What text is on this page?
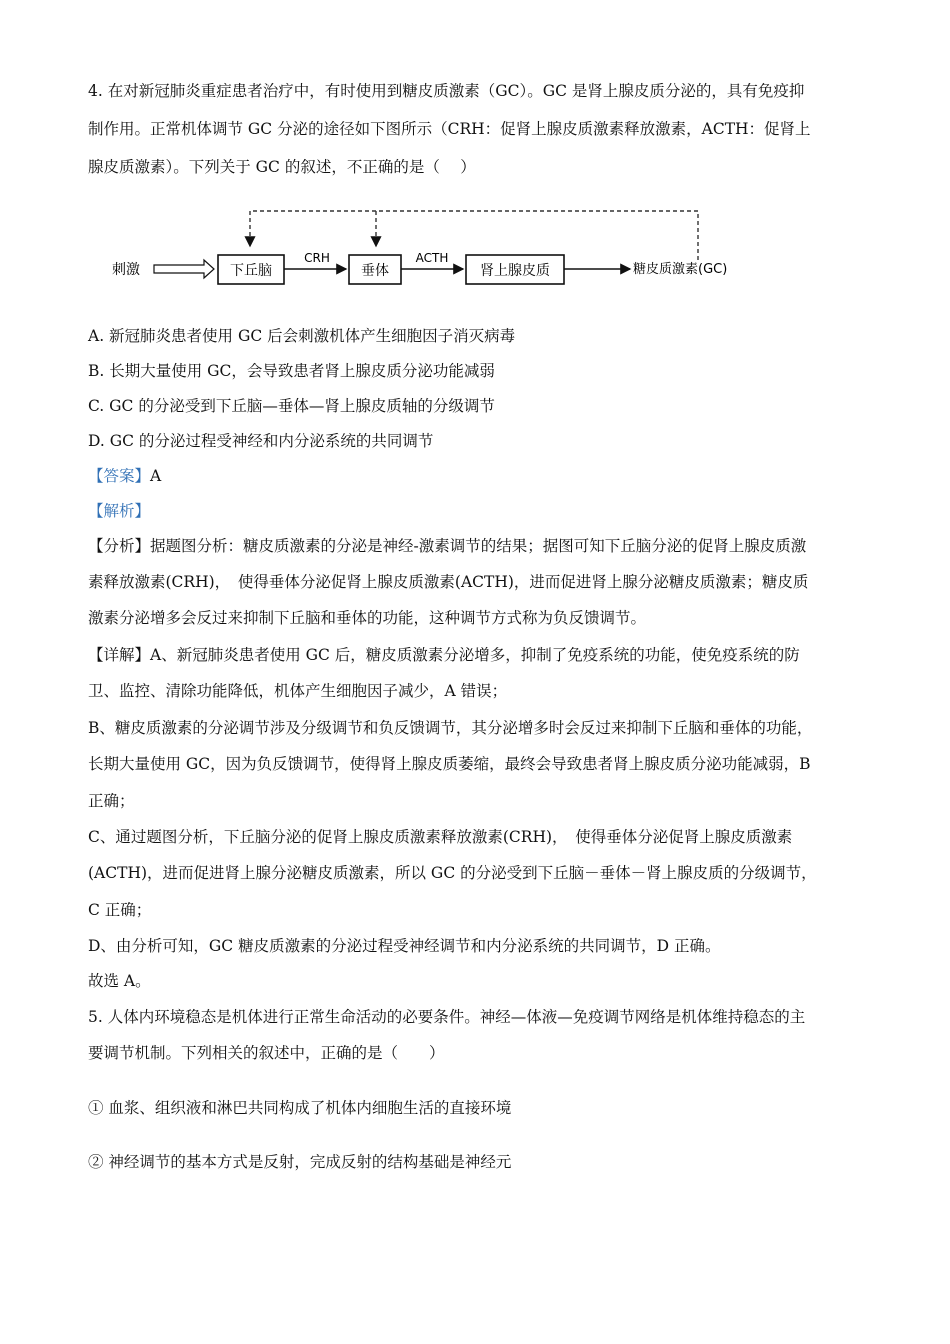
4. 在对新冠肺炎重症患者治疗中，有时使用到糖皮质激素（GC）。GC 是肾上腺皮质分泌的，具有免疫抑
制作用。正常机体调节 GC 分泌的途径如下图所示（CRH：促肾上腺皮质激素释放激素，ACTH：促肾上
腺皮质激素）。下列关于 GC 的叙述，不正确的是（　 ）
刺激	下丘脑
CRH
垂体
ACTH
肾上腺皮质	糖皮质激素(GC)
A. 新冠肺炎患者使用 GC 后会刺激机体产生细胞因子消灭病毒
B. 长期大量使用 GC，会导致患者肾上腺皮质分泌功能减弱
C. GC 的分泌受到下丘脑—垂体—肾上腺皮质轴的分级调节
D. GC 的分泌过程受神经和内分泌系统的共同调节
【答案】A
【解析】
【分析】据题图分析：糖皮质激素的分泌是神经-激素调节的结果；据图可知下丘脑分泌的促肾上腺皮质激
素释放激素(CRH)，　使得垂体分泌促肾上腺皮质激素(ACTH)，进而促进肾上腺分泌糖皮质激素；糖皮质
激素分泌增多会反过来抑制下丘脑和垂体的功能，这种调节方式称为负反馈调节。
【详解】A、新冠肺炎患者使用 GC 后，糖皮质激素分泌增多，抑制了免疫系统的功能，使免疫系统的防
卫、监控、清除功能降低，机体产生细胞因子减少，A 错误；
B、糖皮质激素的分泌调节涉及分级调节和负反馈调节，其分泌增多时会反过来抑制下丘脑和垂体的功能，
长期大量使用 GC，因为负反馈调节，使得肾上腺皮质萎缩，最终会导致患者肾上腺皮质分泌功能减弱，B
正确；
C、通过题图分析，下丘脑分泌的促肾上腺皮质激素释放激素(CRH)，　使得垂体分泌促肾上腺皮质激素
(ACTH)，进而促进肾上腺分泌糖皮质激素，所以 GC 的分泌受到下丘脑－垂体－肾上腺皮质的分级调节，
C 正确；
D、由分析可知，GC 糖皮质激素的分泌过程受神经调节和内分泌系统的共同调节，D 正确。
故选 A。
5. 人体内环境稳态是机体进行正常生命活动的必要条件。神经—体液—免疫调节网络是机体维持稳态的主
要调节机制。下列相关的叙述中，正确的是（　　）
① 血浆、组织液和淋巴共同构成了机体内细胞生活的直接环境
② 神经调节的基本方式是反射，完成反射的结构基础是神经元
